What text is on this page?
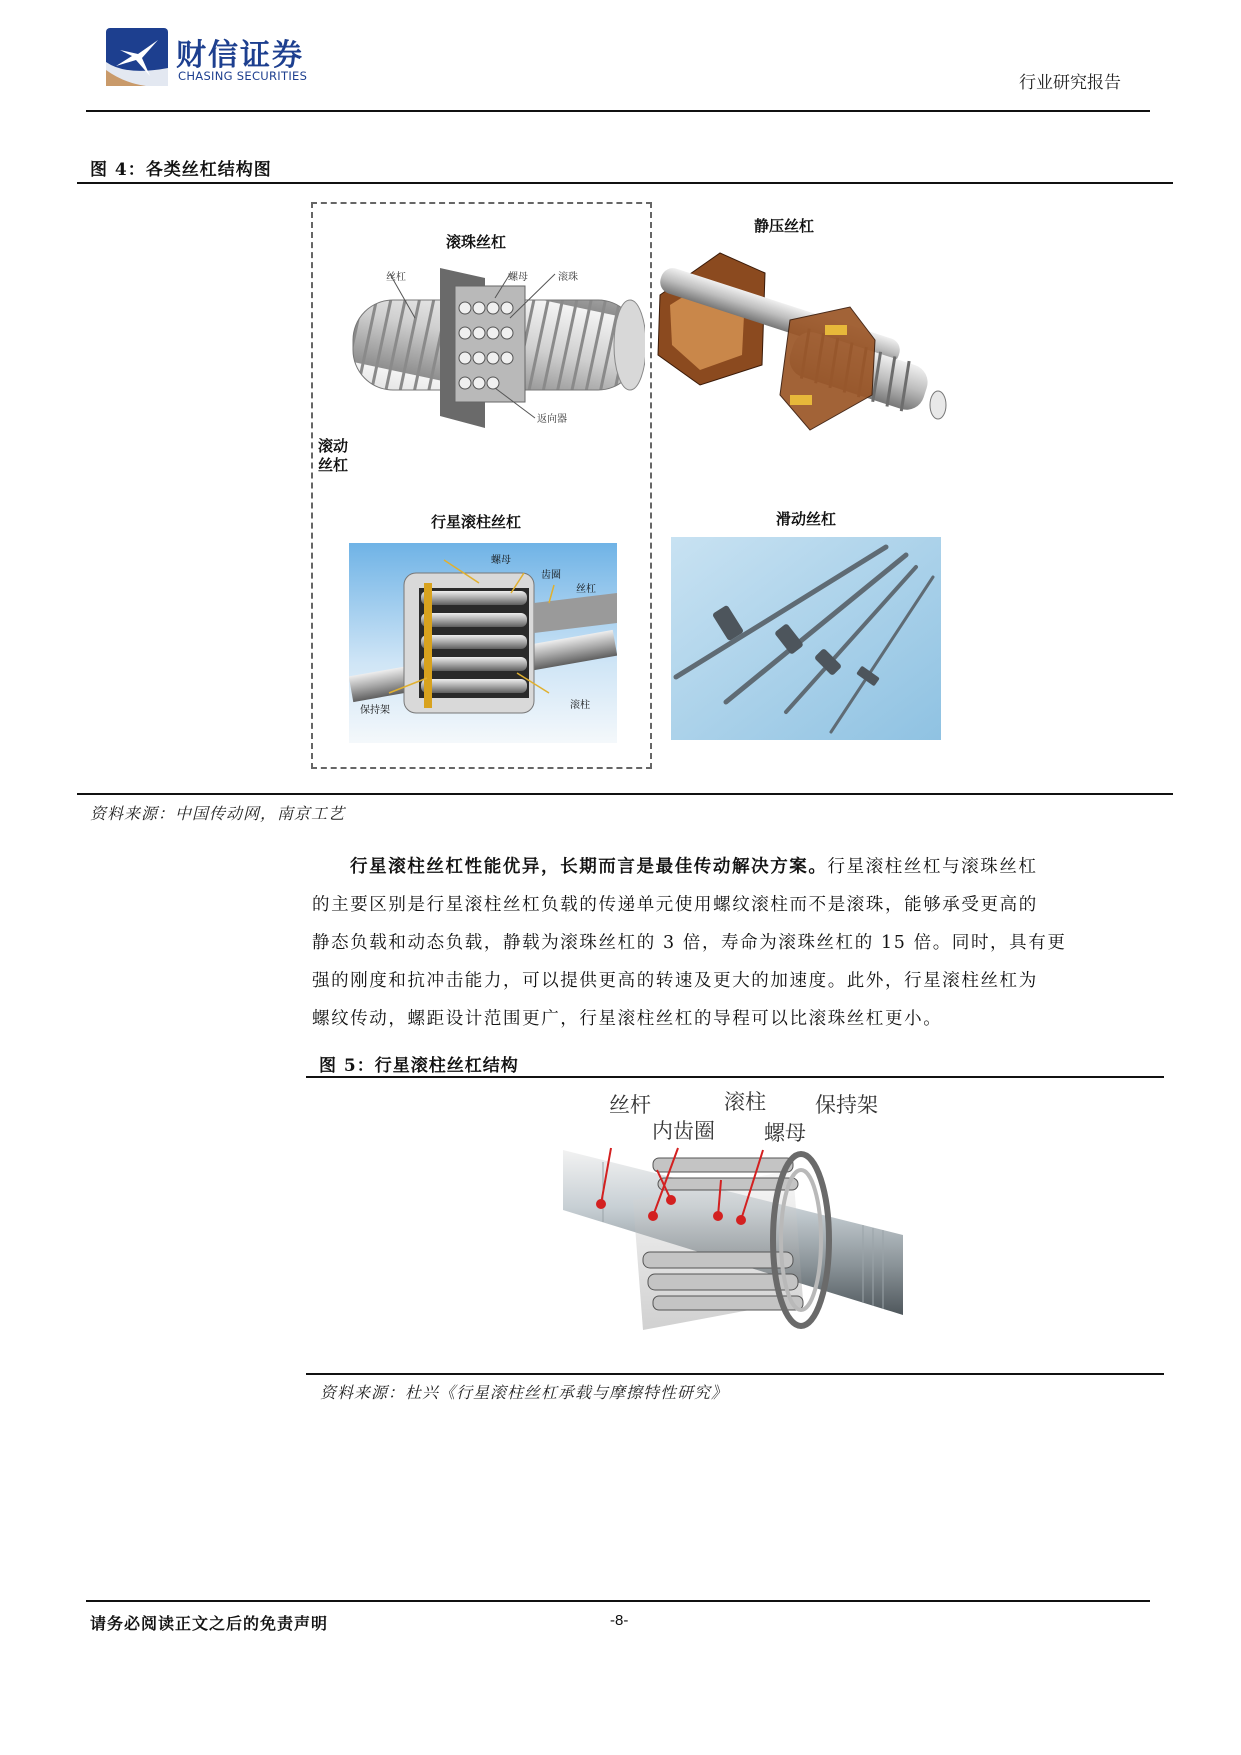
财信证券
CHASING SECURITIES	行业研究报告
图 4：各类丝杠结构图
滚珠丝杠
丝杠	螺母	滚珠
返向器
滚动
丝杠
静压丝杠
行星滚柱丝杠
螺母
齿圈
丝杠
保持架	滚柱
滑动丝杠
资料来源：中国传动网，南京工艺
行星滚柱丝杠性能优异，长期而言是最佳传动解决方案。行星滚柱丝杠与滚珠丝杠
的主要区别是行星滚柱丝杠负载的传递单元使用螺纹滚柱而不是滚珠，能够承受更高的
静态负载和动态负载，静载为滚珠丝杠的 3 倍，寿命为滚珠丝杠的 15 倍。同时，具有更
强的刚度和抗冲击能力，可以提供更高的转速及更大的加速度。此外，行星滚柱丝杠为
螺纹传动，螺距设计范围更广，行星滚柱丝杠的导程可以比滚珠丝杠更小。
图 5：行星滚柱丝杠结构
丝杆	滚柱 保持架
内齿圈 螺母
资料来源：杜兴《行星滚柱丝杠承载与摩擦特性研究》
请务必阅读正文之后的免责声明	-8-
